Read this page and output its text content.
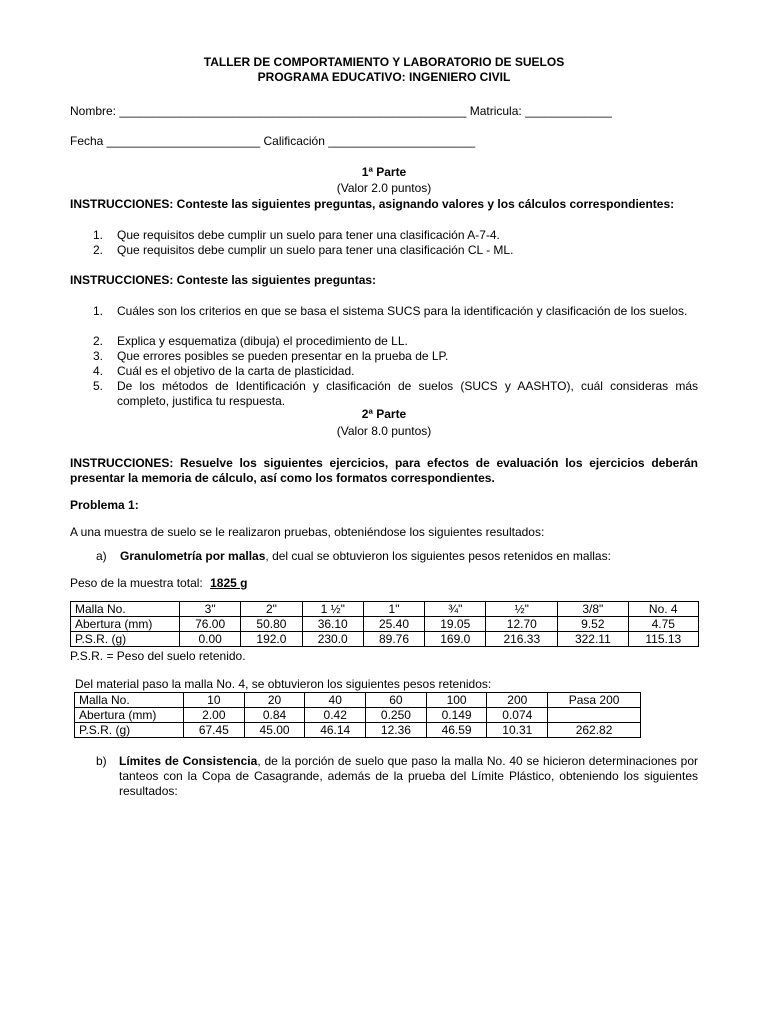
TALLER DE COMPORTAMIENTO Y LABORATORIO DE SUELOS
PROGRAMA EDUCATIVO: INGENIERO CIVIL
Nombre: ____________________________________________________ Matricula: _____________
Fecha _______________________ Calificación ______________________
1ª Parte
(Valor 2.0 puntos)
INSTRUCCIONES: Conteste las siguientes preguntas, asignando valores y los cálculos correspondientes:
1.	Que requisitos debe cumplir un suelo para tener una clasificación A-7-4.
2.	Que requisitos debe cumplir un suelo para tener una clasificación CL - ML.
INSTRUCCIONES: Conteste las siguientes preguntas:
1.	Cuáles son los criterios en que se basa el sistema SUCS para la identificación y clasificación de los suelos.
2.	Explica y esquematiza (dibuja) el procedimiento de LL.
3.	Que errores posibles se pueden presentar en la prueba de LP.
4.	Cuál es el objetivo de la carta de plasticidad.
5.	De los métodos de Identificación y clasificación de suelos (SUCS y AASHTO), cuál consideras más completo, justifica tu respuesta.
2ª Parte
(Valor 8.0 puntos)
INSTRUCCIONES: Resuelve los siguientes ejercicios, para efectos de evaluación los ejercicios deberán presentar la memoria de cálculo, así como los formatos correspondientes.
Problema 1:
A una muestra de suelo se le realizaron pruebas, obteniéndose los siguientes resultados:
a) Granulometría por mallas, del cual se obtuvieron los siguientes pesos retenidos en mallas:
Peso de la muestra total: 1825 g
Malla No.	3"	2"	1 ½"	1"	¾"	½"	3/8"	No. 4
Abertura (mm)	76.00	50.80	36.10	25.40	19.05	12.70	9.52	4.75
P.S.R. (g)	0.00	192.0	230.0	89.76	169.0	216.33	322.11	115.13
P.S.R. = Peso del suelo retenido.
Del material paso la malla No. 4, se obtuvieron los siguientes pesos retenidos:
Malla No.	10	20	40	60	100	200	Pasa 200
Abertura (mm)	2.00	0.84	0.42	0.250	0.149	0.074	
P.S.R. (g)	67.45	45.00	46.14	12.36	46.59	10.31	262.82
b) Límites de Consistencia, de la porción de suelo que paso la malla No. 40 se hicieron determinaciones por tanteos con la Copa de Casagrande, además de la prueba del Límite Plástico, obteniendo los siguientes resultados:
